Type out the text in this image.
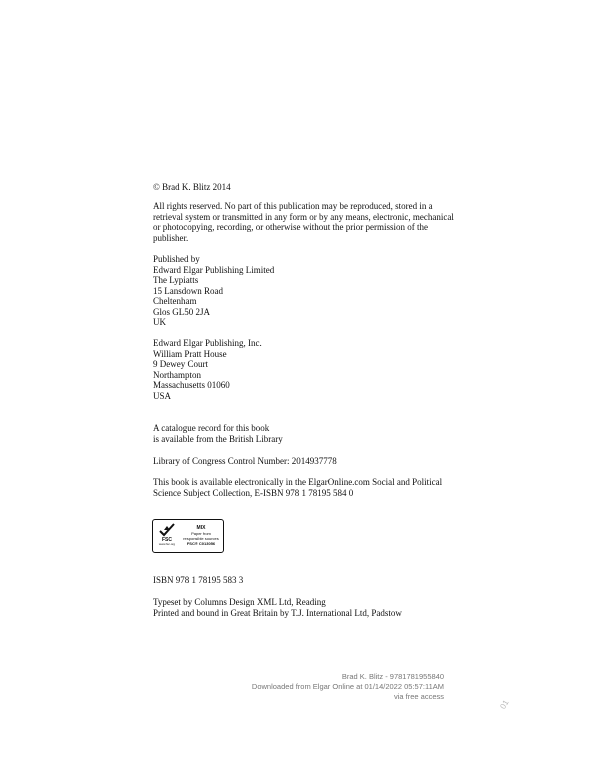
© Brad K. Blitz 2014
All rights reserved. No part of this publication may be reproduced, stored in a
retrieval system or transmitted in any form or by any means, electronic, mechanical
or photocopying, recording, or otherwise without the prior permission of the
publisher.
Published by
Edward Elgar Publishing Limited
The Lypiatts
15 Lansdown Road
Cheltenham
Glos GL50 2JA
UK
Edward Elgar Publishing, Inc.
William Pratt House
9 Dewey Court
Northampton
Massachusetts 01060
USA
A catalogue record for this book
is available from the British Library
Library of Congress Control Number: 2014937778
This book is available electronically in the ElgarOnline.com Social and Political
Science Subject Collection, E-ISBN 978 1 78195 584 0
FSC
www.fsc.org
MIX
Paper from
responsible sources
FSC® C013056
ISBN 978 1 78195 583 3
Typeset by Columns Design XML Ltd, Reading
Printed and bound in Great Britain by T.J. International Ltd, Padstow
Brad K. Blitz - 9781781955840
Downloaded from Elgar Online at 01/14/2022 05:57:11AM
via free access
01
